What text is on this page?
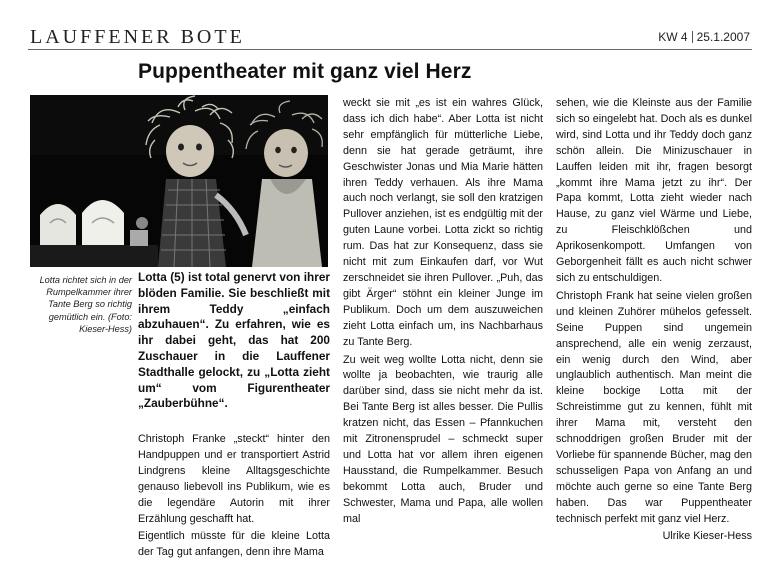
LAUFFENER BOTE	KW 4 25.1.2007
Puppentheater mit ganz viel Herz
Lotta richtet sich in der Rumpelkammer ihrer Tante Berg so richtig gemütlich ein. (Foto: Kieser-Hess)
Lotta (5) ist total genervt von ihrer blöden Familie. Sie beschließt mit ihrem Teddy „einfach abzuhauen“. Zu erfahren, wie es ihr dabei geht, das hat 200 Zuschauer in die Lauffener Stadthalle gelockt, zu „Lotta zieht um“ vom Figurentheater „Zauberbühne“.

Christoph Franke „steckt“ hinter den Handpuppen und er transportiert Astrid Lindgrens kleine Alltagsgeschichte genauso liebevoll ins Publikum, wie es die legendäre Autorin mit ihrer Erzählung geschafft hat.

Eigentlich müsste für die kleine Lotta der Tag gut anfangen, denn ihre Mama

weckt sie mit „es ist ein wahres Glück, dass ich dich habe“. Aber Lotta ist nicht sehr empfänglich für mütterliche Liebe, denn sie hat gerade geträumt, ihre Geschwister Jonas und Mia Marie hätten ihren Teddy verhauen. Als ihre Mama auch noch verlangt, sie soll den kratzigen Pullover anziehen, ist es endgültig mit der guten Laune vorbei. Lotta zickt so richtig rum. Das hat zur Konsequenz, dass sie nicht mit zum Einkaufen darf, vor Wut zerschneidet sie ihren Pullover. „Puh, das gibt Ärger“ stöhnt ein kleiner Junge im Publikum. Doch um dem auszuweichen zieht Lotta einfach um, ins Nachbarhaus zu Tante Berg.

Zu weit weg wollte Lotta nicht, denn sie wollte ja beobachten, wie traurig alle darüber sind, dass sie nicht mehr da ist. Bei Tante Berg ist alles besser. Die Pullis kratzen nicht, das Essen – Pfannkuchen mit Zitronensprudel – schmeckt super und Lotta hat vor allem ihren eigenen Hausstand, die Rumpelkammer. Besuch bekommt Lotta auch, Bruder und Schwester, Mama und Papa, alle wollen mal

sehen, wie die Kleinste aus der Familie sich so eingelebt hat. Doch als es dunkel wird, sind Lotta und ihr Teddy doch ganz schön allein. Die Minizuschauer in Lauffen leiden mit ihr, fragen besorgt „kommt ihre Mama jetzt zu ihr“. Der Papa kommt, Lotta zieht wieder nach Hause, zu ganz viel Wärme und Liebe, zu Fleischklößchen und Aprikosenkompott. Umfangen von Geborgenheit fällt es auch nicht schwer sich zu entschuldigen.

Christoph Frank hat seine vielen großen und kleinen Zuhörer mühelos gefesselt. Seine Puppen sind ungemein ansprechend, alle ein wenig zerzaust, ein wenig durch den Wind, aber unglaublich authentisch. Man meint die kleine bockige Lotta mit der Schreistimme gut zu kennen, fühlt mit ihrer Mama mit, versteht den schnoddrigen großen Bruder mit der Vorliebe für spannende Bücher, mag den schusseligen Papa von Anfang an und möchte auch gerne so eine Tante Berg haben. Das war Puppentheater technisch perfekt mit ganz viel Herz.

Ulrike Kieser-Hess
